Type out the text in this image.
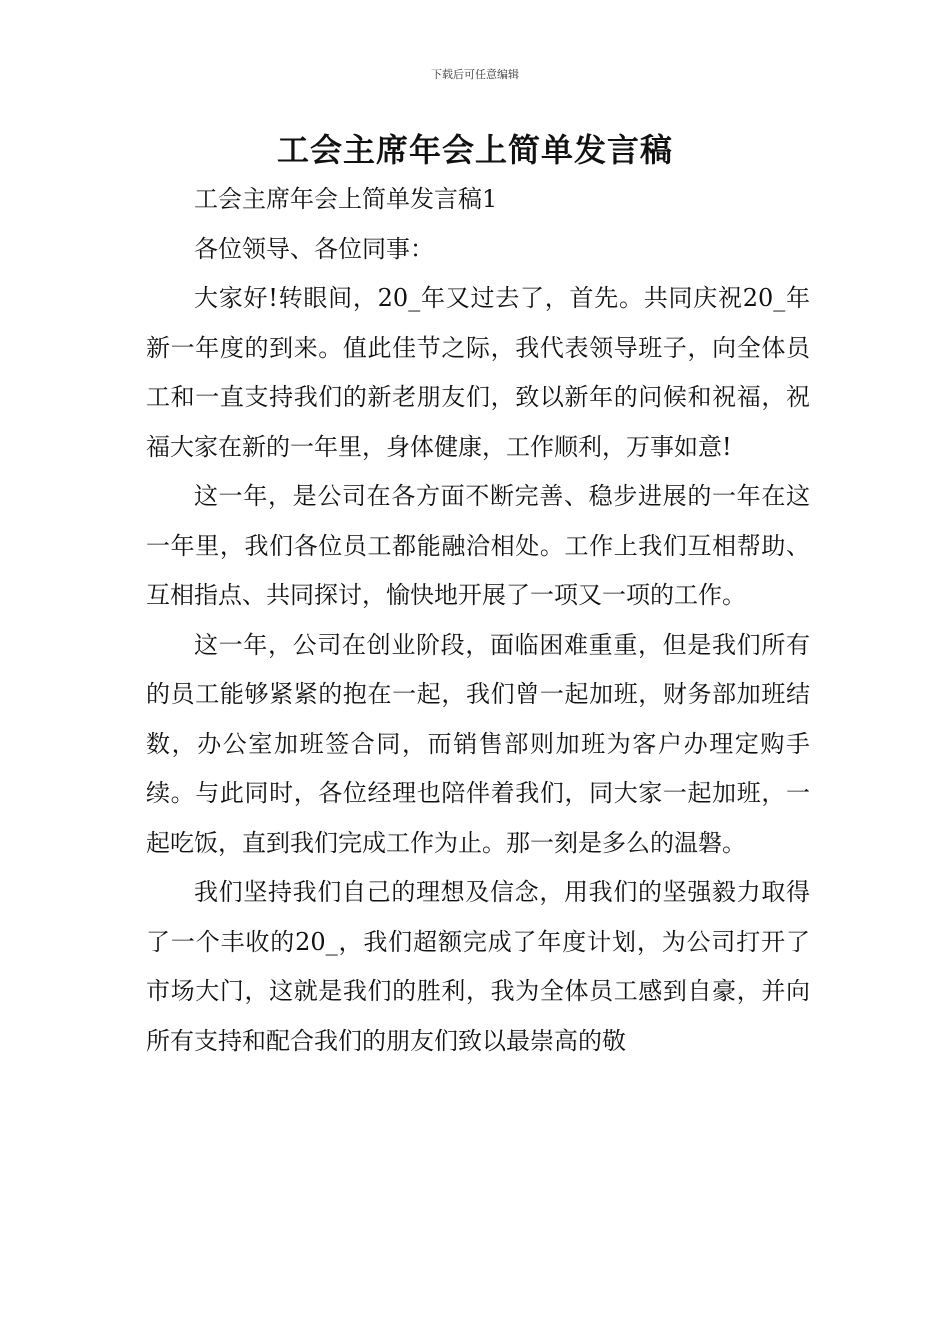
下载后可任意编辑
工会主席年会上简单发言稿

工会主席年会上简单发言稿1

各位领导、各位同事：

大家好!转眼间，20_年又过去了，首先。共同庆祝20_年新一年度的到来。值此佳节之际，我代表领导班子，向全体员工和一直支持我们的新老朋友们，致以新年的问候和祝福，祝福大家在新的一年里，身体健康，工作顺利，万事如意!

这一年，是公司在各方面不断完善、稳步进展的一年在这一年里，我们各位员工都能融洽相处。工作上我们互相帮助、互相指点、共同探讨，愉快地开展了一项又一项的工作。

这一年，公司在创业阶段，面临困难重重，但是我们所有的员工能够紧紧的抱在一起，我们曾一起加班，财务部加班结数，办公室加班签合同，而销售部则加班为客户办理定购手续。与此同时，各位经理也陪伴着我们，同大家一起加班，一起吃饭，直到我们完成工作为止。那一刻是多么的温磐。

我们坚持我们自己的理想及信念，用我们的坚强毅力取得了一个丰收的20_，我们超额完成了年度计划，为公司打开了市场大门，这就是我们的胜利，我为全体员工感到自豪，并向所有支持和配合我们的朋友们致以最崇高的敬
